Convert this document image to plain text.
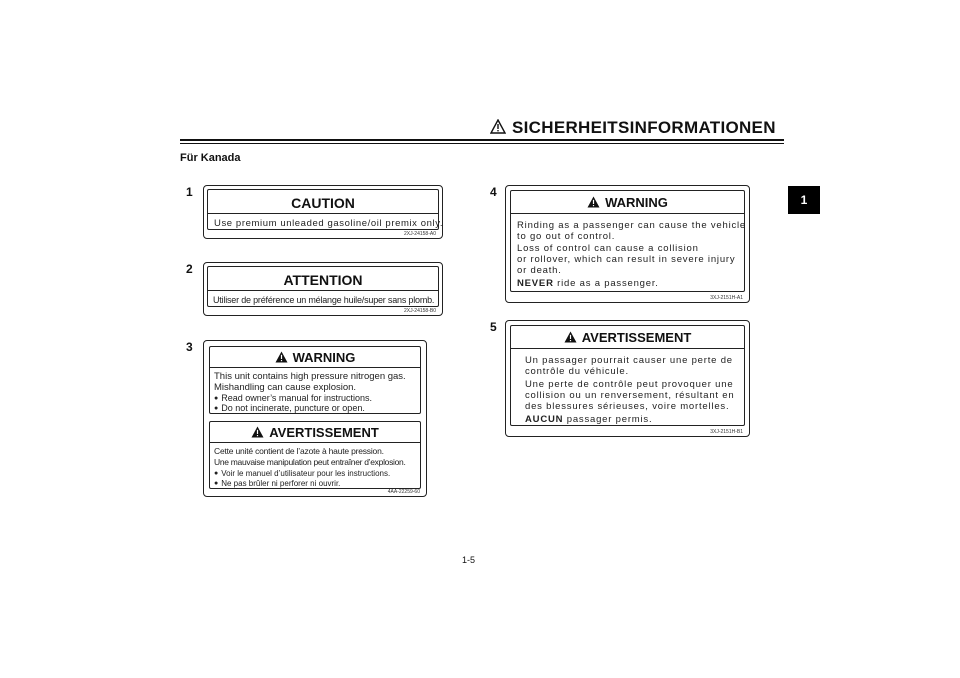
SICHERHEITSINFORMATIONEN
Für Kanada
1
1
CAUTION
Use premium unleaded gasoline/oil premix only.
2XJ-24158-A0
2
ATTENTION
Utiliser de préférence un mélange huile/super sans plomb.
2XJ-24158-B0
3
WARNING
This unit contains high pressure nitrogen gas.
Mishandling can cause explosion.
● Read owner’s manual for instructions.
● Do not incinerate, puncture or open.
AVERTISSEMENT
Cette unité contient de l’azote à haute pression.
Une mauvaise manipulation peut entraîner d’explosion.
● Voir le manuel d’utilisateur pour les instructions.
● Ne pas brûler ni perforer ni ouvrir.
4AA-22259-60
4
WARNING
Rinding as a passenger can cause the vehicle
to go out of control.
Loss of control can cause a collision
or rollover, which can result in severe injury
or death.
NEVER ride as a passenger.
3XJ-2151H-A1
5
AVERTISSEMENT
Un passager pourrait causer une perte de
contrôle du véhicule.
Une perte de contrôle peut provoquer une
collision ou un renversement, résultant en
des blessures sérieuses, voire mortelles.
AUCUN passager permis.
3XJ-2151H-B1
1-5
